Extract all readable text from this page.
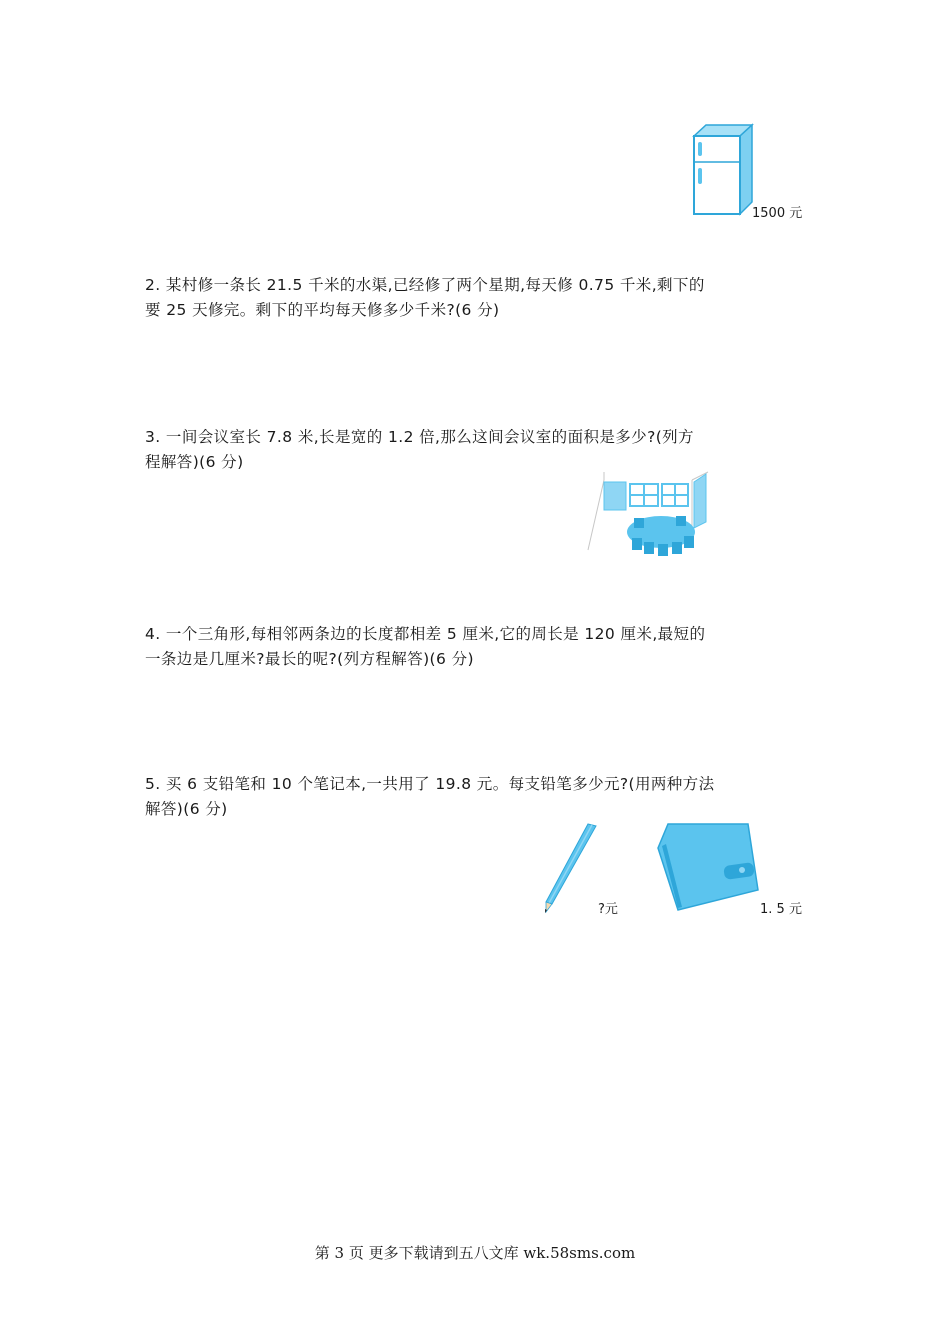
1500 元
2. 某村修一条长 21.5 千米的水渠,已经修了两个星期,每天修 0.75 千米,剩下的
要 25 天修完。剩下的平均每天修多少千米?(6 分)
3. 一间会议室长 7.8 米,长是宽的 1.2 倍,那么这间会议室的面积是多少?(列方
程解答)(6 分)
4. 一个三角形,每相邻两条边的长度都相差 5 厘米,它的周长是 120 厘米,最短的
一条边是几厘米?最长的呢?(列方程解答)(6 分)
5. 买 6 支铅笔和 10 个笔记本,一共用了 19.8 元。每支铅笔多少元?(用两种方法
解答)(6 分)
?元	1. 5 元
第 3 页 更多下载请到五八文库 wk.58sms.com
